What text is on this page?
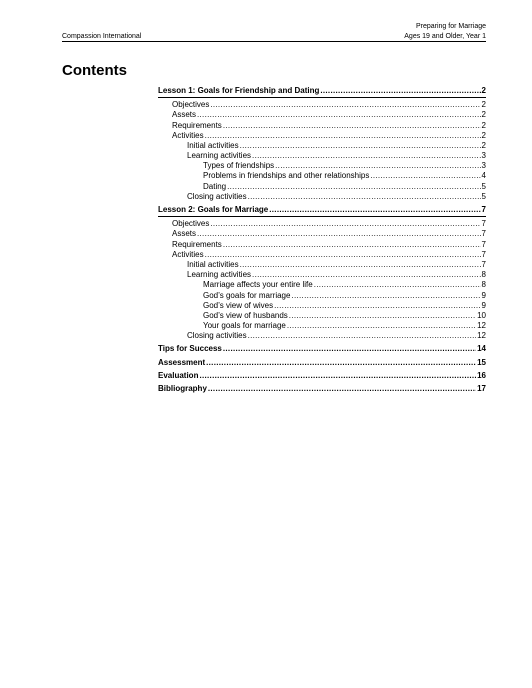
Preparing for Marriage
Ages 19 and Older, Year 1
Compassion International
Contents
Lesson 1: Goals for Friendship and Dating .....	2
Objectives .....	2
Assets .....	2
Requirements .....	2
Activities .....	2
Initial activities .....	2
Learning activities .....	3
Types of friendships .....	3
Problems in friendships and other relationships .....	4
Dating .....	5
Closing activities .....	5
Lesson 2: Goals for Marriage .....	7
Objectives .....	7
Assets .....	7
Requirements .....	7
Activities .....	7
Initial activities .....	7
Learning activities .....	8
Marriage affects your entire life .....	8
God’s goals for marriage .....	9
God’s view of wives .....	9
God’s view of husbands .....	10
Your goals for marriage .....	12
Closing activities .....	12
Tips for Success .....	14
Assessment .....	15
Evaluation .....	16
Bibliography .....	17
